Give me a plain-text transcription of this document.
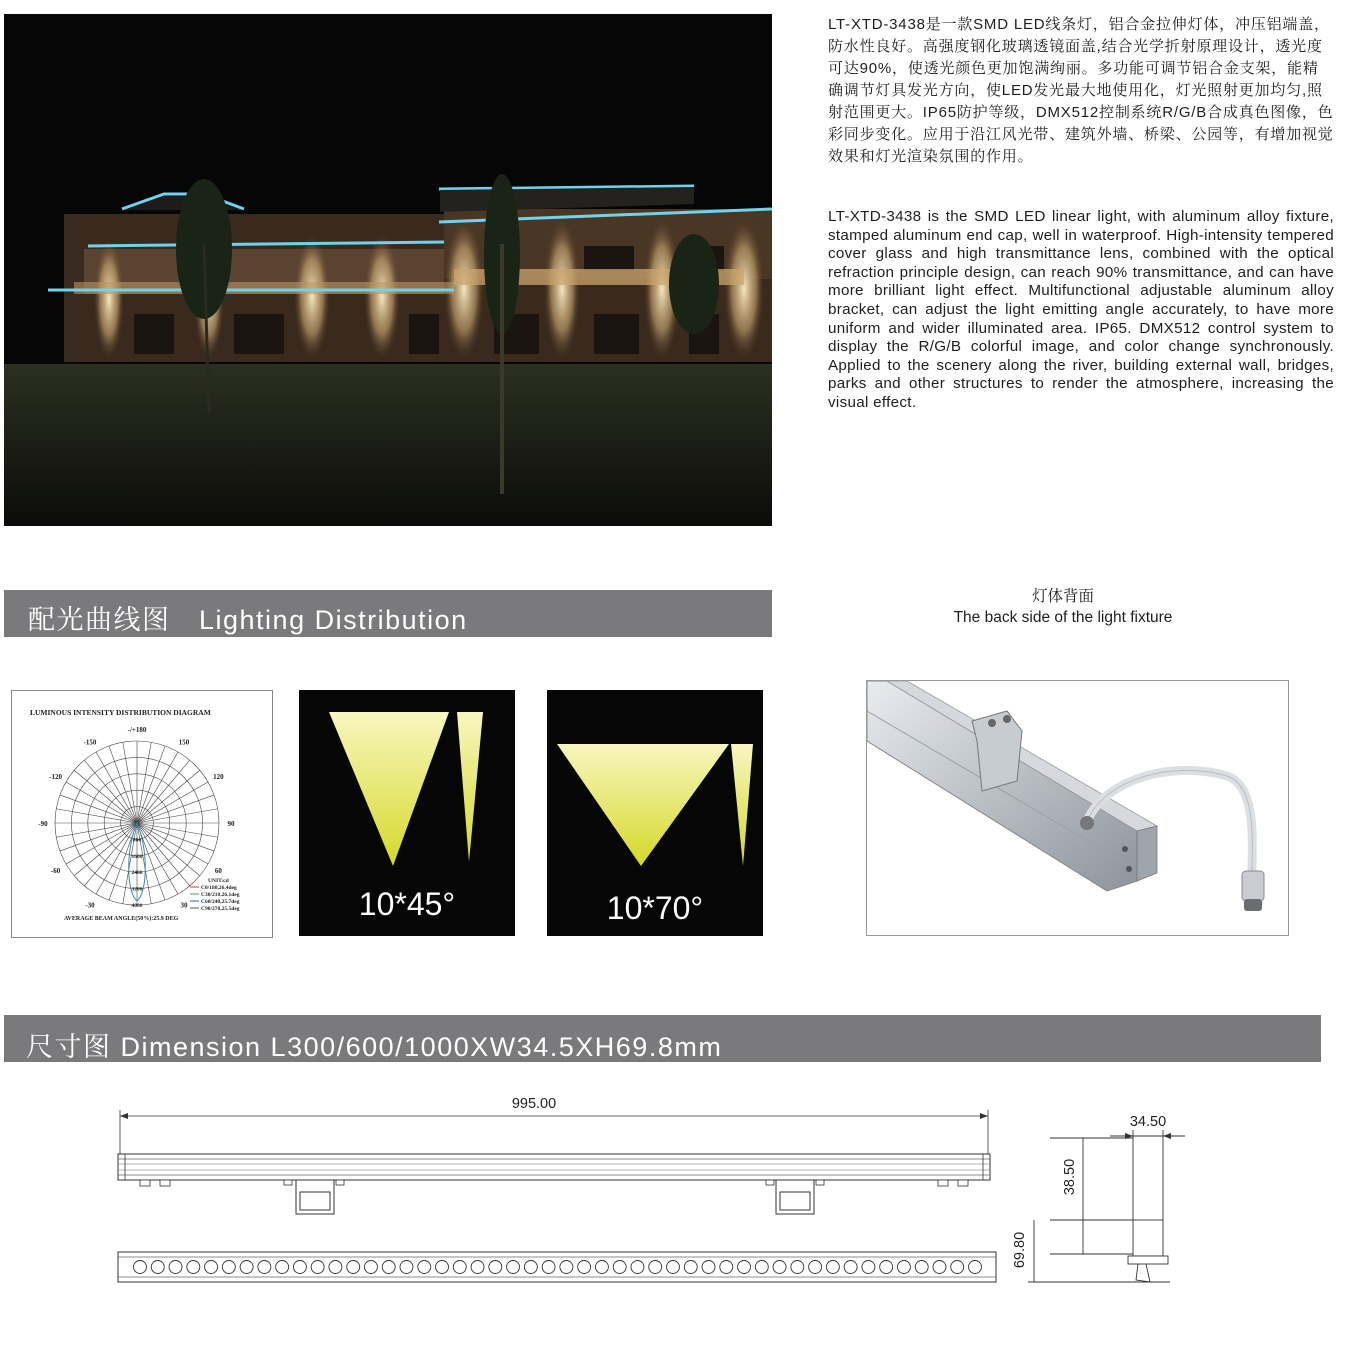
LT-XTD-3438是一款SMD LED线条灯，铝合金拉伸灯体，冲压铝端盖，防水性良好。高强度钢化玻璃透镜面盖,结合光学折射原理设计，透光度可达90%，使透光颜色更加饱满绚丽。多功能可调节铝合金支架，能精确调节灯具发光方向，使LED发光最大地使用化，灯光照射更加均匀,照射范围更大。IP65防护等级，DMX512控制系统R/G/B合成真色图像，色彩同步变化。应用于沿江风光带、建筑外墙、桥梁、公园等，有增加视觉效果和灯光渲染氛围的作用。
LT-XTD-3438 is the SMD LED linear light, with aluminum alloy fixture, stamped aluminum end cap, well in waterproof. High-intensity tempered cover glass and high transmittance lens, combined with the optical refraction principle design, can reach 90% transmittance, and can have more brilliant light effect. Multifunctional adjustable aluminum alloy bracket, can adjust the light emitting angle accurately, to have more uniform and wider illuminated area. IP65. DMX512 control system to display the R/G/B colorful image, and color change synchronously. Applied to the scenery along the river, building external wall, bridges, parks and other structures to render the atmosphere, increasing the visual effect.
配光曲线图　Lighting Distribution
灯体背面
The back side of the light fixture
LUMINOUS INTENSITY DISTRIBUTION DIAGRAM
-/+180
-150	150
-120	120
-90	90
-60	60
-30	30
800
1600
2400
3200
4000
UNIT:cd
C0/180,26.4deg
C30/210,26.1deg
C60/240,25.7deg
C90/270,25.5deg
AVERAGE BEAM ANGLE(50%):25.9 DEG	10*45°	10*70°
尺寸图 Dimension L300/600/1000XW34.5XH69.8mm
995.00
34.50
38.50
69.80
